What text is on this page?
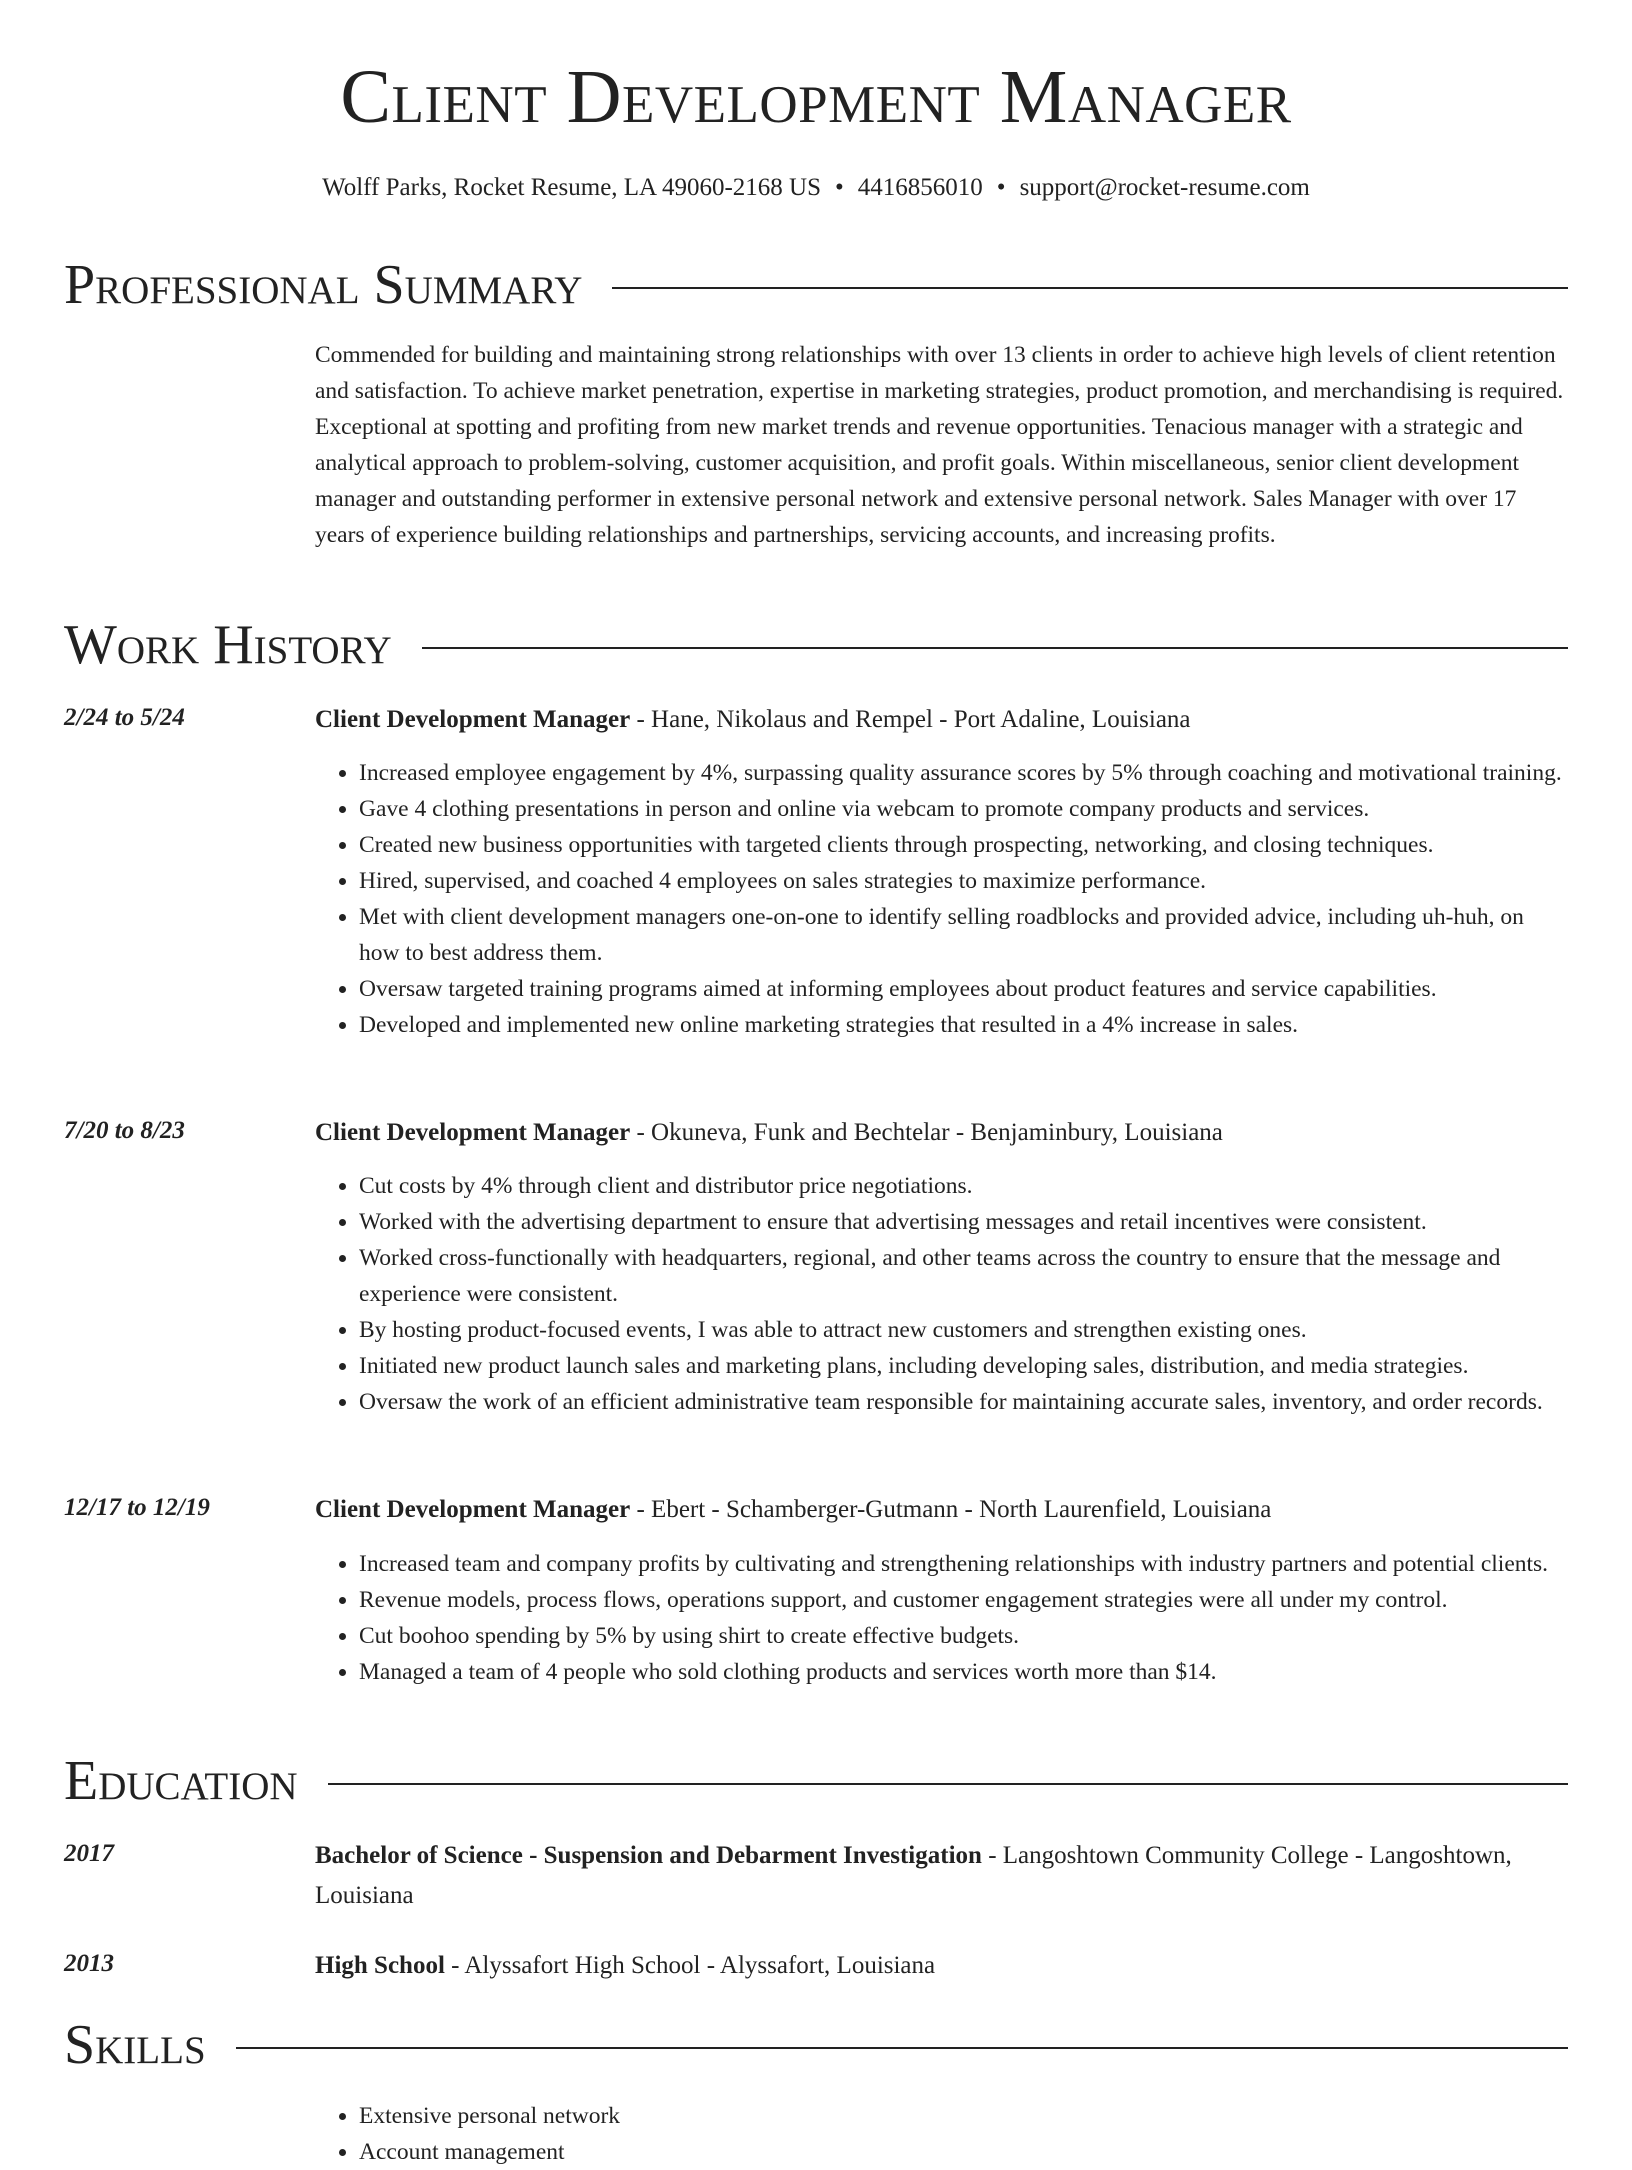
Client Development Manager
Wolff Parks, Rocket Resume, LA 49060-2168 US • 4416856010 • support@rocket-resume.com
Professional Summary
Commended for building and maintaining strong relationships with over 13 clients in order to achieve high levels of client retention and satisfaction. To achieve market penetration, expertise in marketing strategies, product promotion, and merchandising is required. Exceptional at spotting and profiting from new market trends and revenue opportunities. Tenacious manager with a strategic and analytical approach to problem-solving, customer acquisition, and profit goals. Within miscellaneous, senior client development manager and outstanding performer in extensive personal network and extensive personal network. Sales Manager with over 17 years of experience building relationships and partnerships, servicing accounts, and increasing profits.
Work History
2/24 to 5/24	Client Development Manager - Hane, Nikolaus and Rempel - Port Adaline, Louisiana
• Increased employee engagement by 4%, surpassing quality assurance scores by 5% through coaching and motivational training.
• Gave 4 clothing presentations in person and online via webcam to promote company products and services.
• Created new business opportunities with targeted clients through prospecting, networking, and closing techniques.
• Hired, supervised, and coached 4 employees on sales strategies to maximize performance.
• Met with client development managers one-on-one to identify selling roadblocks and provided advice, including uh-huh, on how to best address them.
• Oversaw targeted training programs aimed at informing employees about product features and service capabilities.
• Developed and implemented new online marketing strategies that resulted in a 4% increase in sales.
7/20 to 8/23	Client Development Manager - Okuneva, Funk and Bechtelar - Benjaminbury, Louisiana
• Cut costs by 4% through client and distributor price negotiations.
• Worked with the advertising department to ensure that advertising messages and retail incentives were consistent.
• Worked cross-functionally with headquarters, regional, and other teams across the country to ensure that the message and experience were consistent.
• By hosting product-focused events, I was able to attract new customers and strengthen existing ones.
• Initiated new product launch sales and marketing plans, including developing sales, distribution, and media strategies.
• Oversaw the work of an efficient administrative team responsible for maintaining accurate sales, inventory, and order records.
12/17 to 12/19	Client Development Manager - Ebert - Schamberger-Gutmann - North Laurenfield, Louisiana
• Increased team and company profits by cultivating and strengthening relationships with industry partners and potential clients.
• Revenue models, process flows, operations support, and customer engagement strategies were all under my control.
• Cut boohoo spending by 5% by using shirt to create effective budgets.
• Managed a team of 4 people who sold clothing products and services worth more than $14.
Education
2017	Bachelor of Science - Suspension and Debarment Investigation - Langoshtown Community College - Langoshtown, Louisiana
2013	High School - Alyssafort High School - Alyssafort, Louisiana
Skills
• Extensive personal network
• Account management
